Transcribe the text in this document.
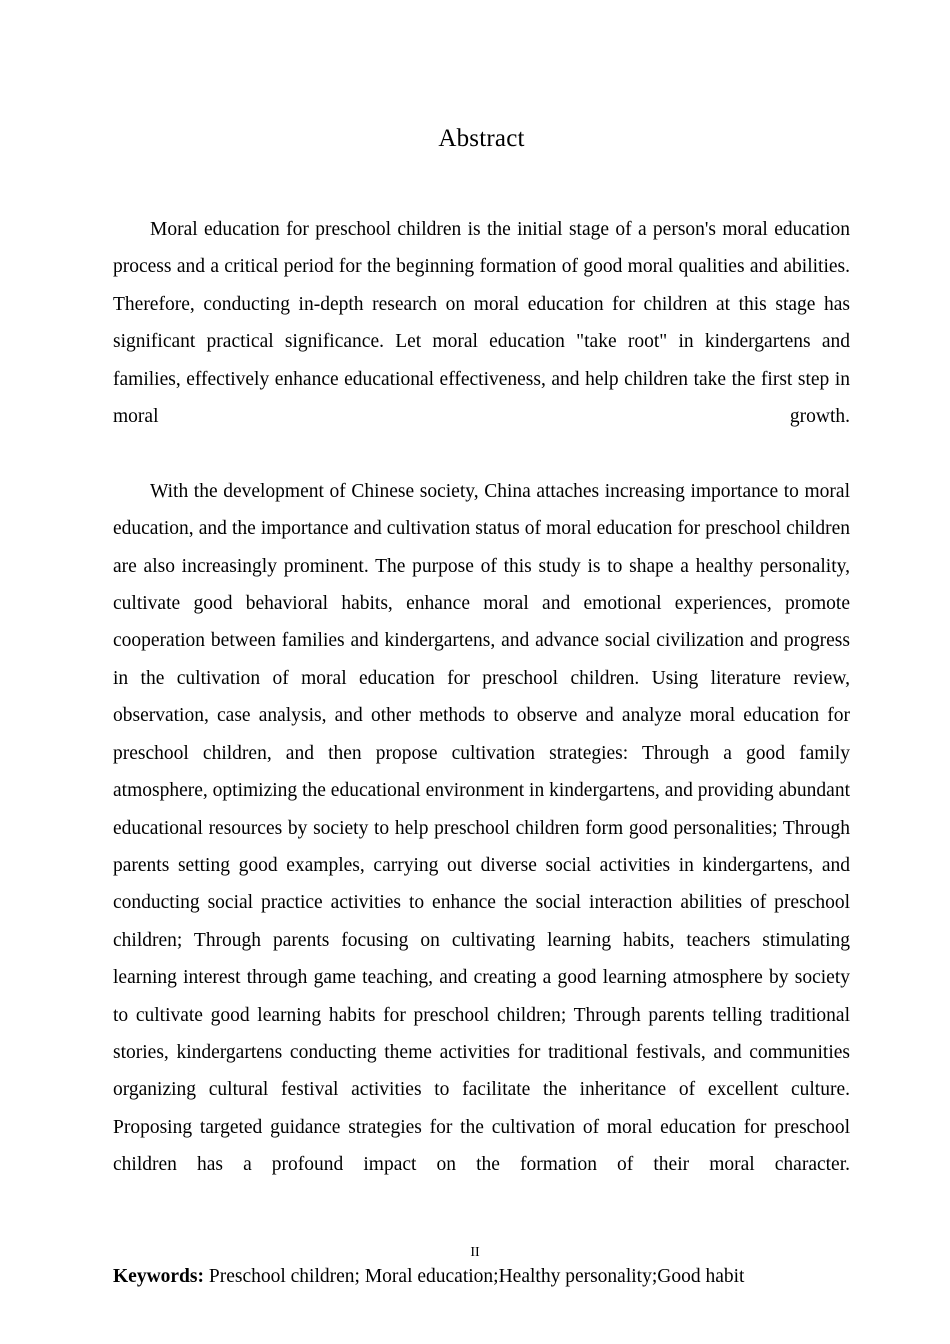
Abstract

Moral education for preschool children is the initial stage of a person's moral education process and a critical period for the beginning formation of good moral qualities and abilities. Therefore, conducting in-depth research on moral education for children at this stage has significant practical significance. Let moral education "take root" in kindergartens and families, effectively enhance educational effectiveness, and help children take the first step in moral growth.

With the development of Chinese society, China attaches increasing importance to moral education, and the importance and cultivation status of moral education for preschool children are also increasingly prominent. The purpose of this study is to shape a healthy personality, cultivate good behavioral habits, enhance moral and emotional experiences, promote cooperation between families and kindergartens, and advance social civilization and progress in the cultivation of moral education for preschool children. Using literature review, observation, case analysis, and other methods to observe and analyze moral education for preschool children, and then propose cultivation strategies: Through a good family atmosphere, optimizing the educational environment in kindergartens, and providing abundant educational resources by society to help preschool children form good personalities; Through parents setting good examples, carrying out diverse social activities in kindergartens, and conducting social practice activities to enhance the social interaction abilities of preschool children; Through parents focusing on cultivating learning habits, teachers stimulating learning interest through game teaching, and creating a good learning atmosphere by society to cultivate good learning habits for preschool children; Through parents telling traditional stories, kindergartens conducting theme activities for traditional festivals, and communities organizing cultural festival activities to facilitate the inheritance of excellent culture. Proposing targeted guidance strategies for the cultivation of moral education for preschool children has a profound impact on the formation of their moral character.

Keywords: Preschool children; Moral education;Healthy personality;Good habit

II
